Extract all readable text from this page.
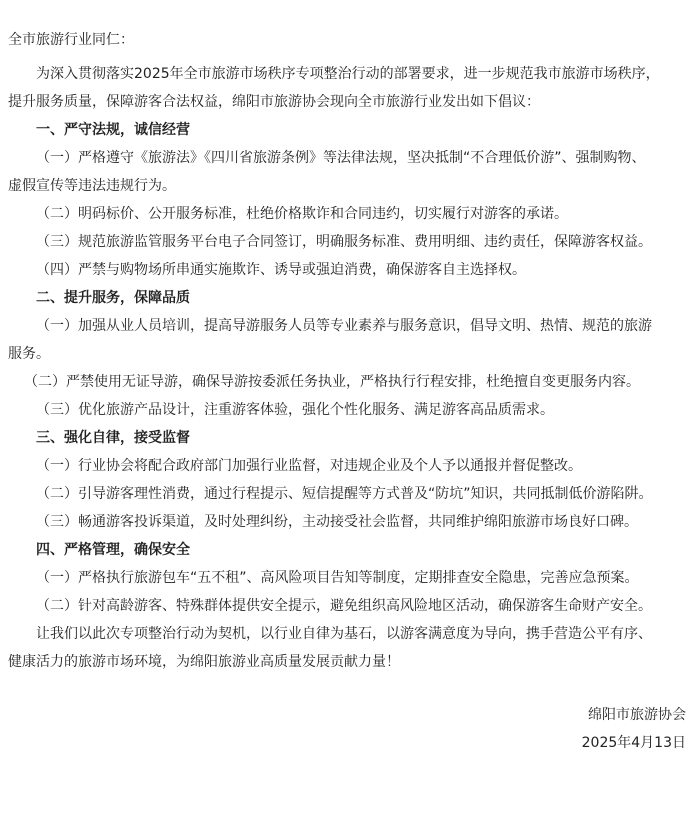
全市旅游行业同仁：
为深入贯彻落实2025年全市旅游市场秩序专项整治行动的部署要求，进一步规范我市旅游市场秩序，
提升服务质量，保障游客合法权益，绵阳市旅游协会现向全市旅游行业发出如下倡议：
一、严守法规，诚信经营
（一）严格遵守《旅游法》《四川省旅游条例》等法律法规，坚决抵制“不合理低价游”、强制购物、
虚假宣传等违法违规行为。
（二）明码标价、公开服务标准，杜绝价格欺诈和合同违约，切实履行对游客的承诺。
（三）规范旅游监管服务平台电子合同签订，明确服务标准、费用明细、违约责任，保障游客权益。
（四）严禁与购物场所串通实施欺诈、诱导或强迫消费，确保游客自主选择权。
二、提升服务，保障品质
（一）加强从业人员培训，提高导游服务人员等专业素养与服务意识，倡导文明、热情、规范的旅游
服务。
（二）严禁使用无证导游，确保导游按委派任务执业，严格执行行程安排，杜绝擅自变更服务内容。
（三）优化旅游产品设计，注重游客体验，强化个性化服务、满足游客高品质需求。
三、强化自律，接受监督
（一）行业协会将配合政府部门加强行业监督，对违规企业及个人予以通报并督促整改。
（二）引导游客理性消费，通过行程提示、短信提醒等方式普及“防坑”知识，共同抵制低价游陷阱。
（三）畅通游客投诉渠道，及时处理纠纷，主动接受社会监督，共同维护绵阳旅游市场良好口碑。
四、严格管理，确保安全
（一）严格执行旅游包车“五不租”、高风险项目告知等制度，定期排查安全隐患，完善应急预案。
（二）针对高龄游客、特殊群体提供安全提示，避免组织高风险地区活动，确保游客生命财产安全。
让我们以此次专项整治行动为契机，以行业自律为基石，以游客满意度为导向，携手营造公平有序、
健康活力的旅游市场环境，为绵阳旅游业高质量发展贡献力量！
绵阳市旅游协会
2025年4月13日
